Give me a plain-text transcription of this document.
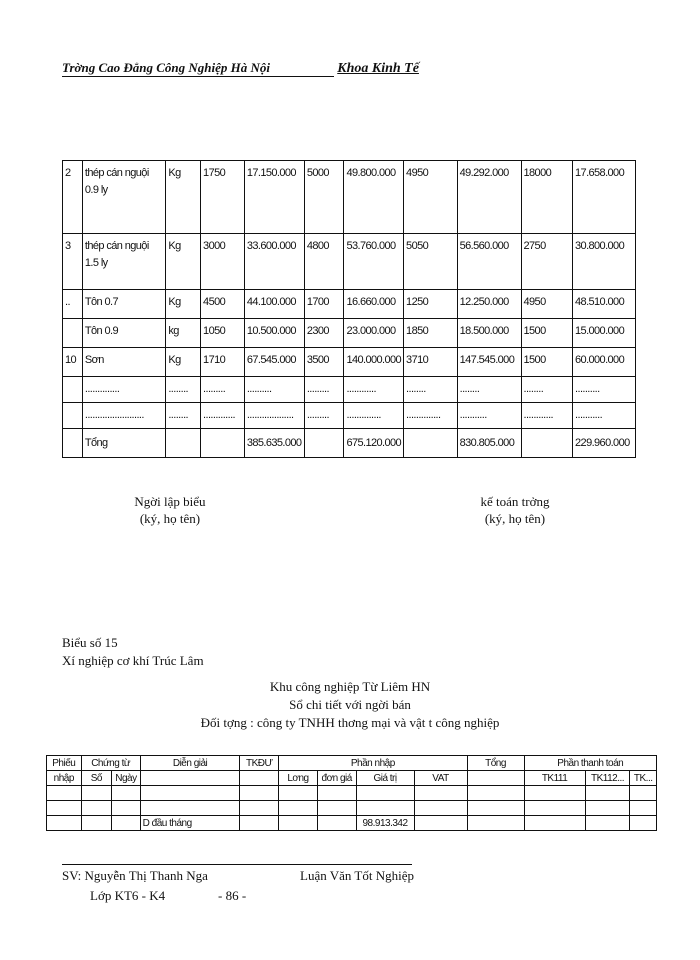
Trờng Cao Đẳng Công Nghiệp Hà Nội	Khoa Kinh Tế
2	thép cán nguội 0.9 ly	Kg	1750	17.150.000	5000	49.800.000	4950	49.292.000	18000	17.658.000
3	thép cán nguội 1.5 ly	Kg	3000	33.600.000	4800	53.760.000	5050	56.560.000	2750	30.800.000
..	Tôn 0.7	Kg	4500	44.100.000	1700	16.660.000	1250	12.250.000	4950	48.510.000
	Tôn 0.9	kg	1050	10.500.000	2300	23.000.000	1850	18.500.000	1500	15.000.000
10	Sơn	Kg	1710	67.545.000	3500	140.000.000	3710	147.545.000	1500	60.000.000
	..............	........	.........	..........	.........	............	........	........	........	..........
	........................	........	.............	...................	.........	..............	..............	...........	............	...........
	Tổng			385.635.000		675.120.000		830.805.000		229.960.000
Ngời lập biểu
(ký, họ tên)
kế toán trởng
(ký, họ tên)
Biểu số 15
Xí nghiệp cơ khí Trúc Lâm
Khu công nghiệp Từ Liêm HN
Sổ chi tiết với ngời bán
Đối tợng : công ty TNHH thơng mại và vật t công nghiệp
Phiếu	Chứng từ		Diễn giải	TKĐƯ	Phần nhập				Tổng	Phần thanh toán		
nhập	Số	Ngày			Lơng	đơn giá	Giá trị	VAT		TK111	TK112...	TK...

			D đầu tháng				98.913.342					
SV: Nguyễn Thị Thanh Nga	Luận Văn Tốt Nghiệp
Lớp KT6 - K4	- 86 -
